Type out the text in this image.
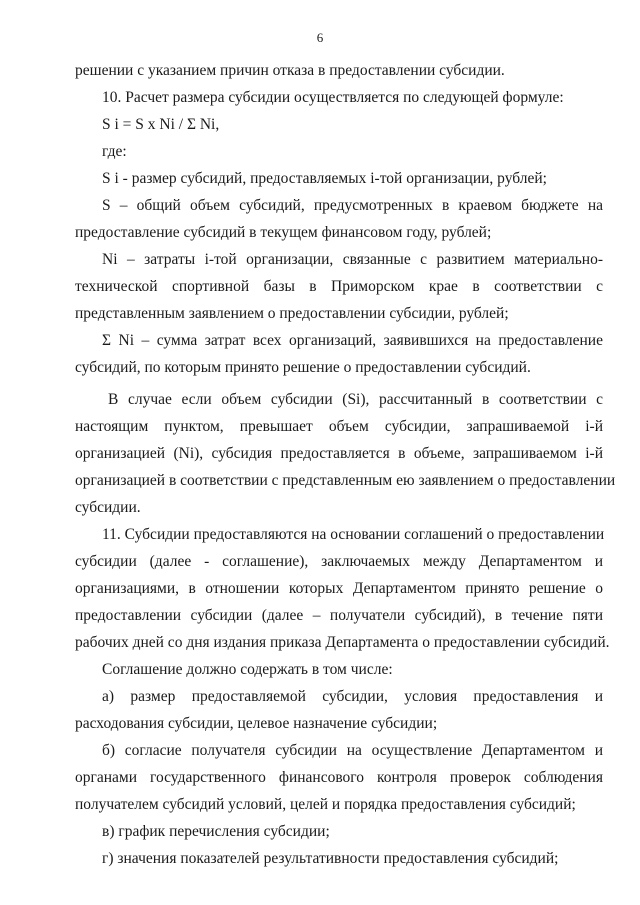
6
решении с указанием причин отказа в предоставлении субсидии.
10. Расчет размера субсидии осуществляется по следующей формуле:
S i = S x Ni / Σ Ni,
где:
S i - размер субсидий, предоставляемых i-той организации, рублей;
S – общий объем субсидий, предусмотренных в краевом бюджете на
предоставление субсидий в текущем финансовом году, рублей;
Ni – затраты i-той организации, связанные с развитием материально-
технической спортивной базы в Приморском крае в соответствии с
представленным заявлением о предоставлении субсидии, рублей;
Σ Ni – сумма затрат всех организаций, заявившихся на предоставление
субсидий, по которым принято решение о предоставлении субсидий.
В случае если объем субсидии (Si), рассчитанный в соответствии с
настоящим пунктом, превышает объем субсидии, запрашиваемой i-й
организацией (Ni), субсидия предоставляется в объеме, запрашиваемом i-й
организацией в соответствии с представленным ею заявлением о предоставлении
субсидии.
11. Субсидии предоставляются на основании соглашений о предоставлении
субсидии (далее - соглашение), заключаемых между Департаментом и
организациями, в отношении которых Департаментом принято решение о
предоставлении субсидии (далее – получатели субсидий), в течение пяти
рабочих дней со дня издания приказа Департамента о предоставлении субсидий.
Соглашение должно содержать в том числе:
а) размер предоставляемой субсидии, условия предоставления и
расходования субсидии, целевое назначение субсидии;
б) согласие получателя субсидии на осуществление Департаментом и
органами государственного финансового контроля проверок соблюдения
получателем субсидий условий, целей и порядка предоставления субсидий;
в) график перечисления субсидии;
г) значения показателей результативности предоставления субсидий;
